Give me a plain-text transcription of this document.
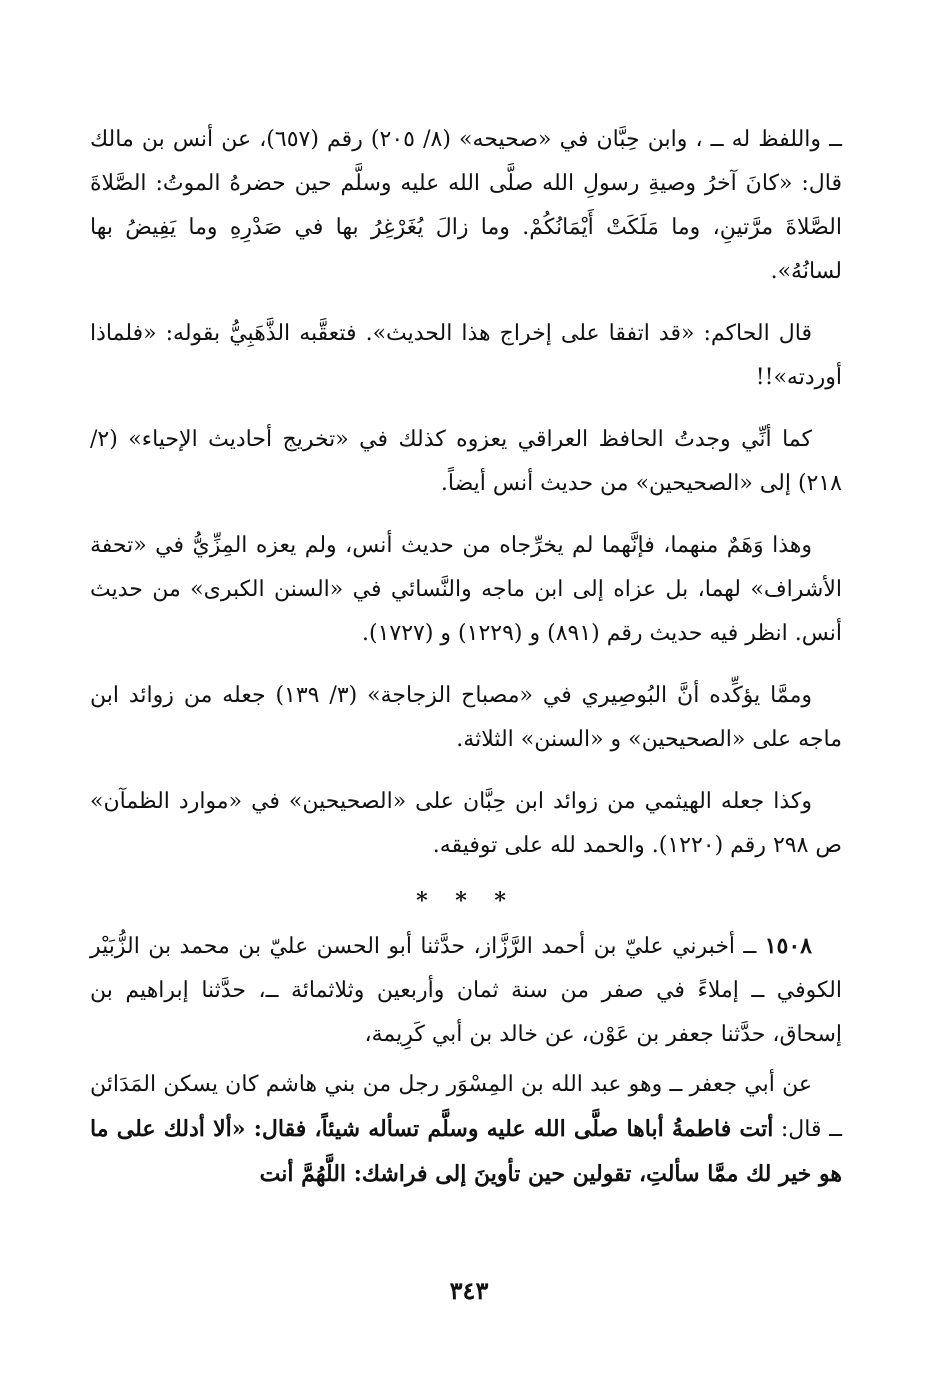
ــ واللفظ له ــ ، وابن حِبَّان في «صحيحه» (٨/ ٢٠٥) رقم (٦٥٧)، عن أنس بن مالك قال: «كانَ آخرُ وصيةِ رسولِ الله صلَّى الله عليه وسلَّم حين حضرهُ الموتُ: الصَّلاةَ الصَّلاةَ مرَّتينِ، وما مَلَكَتْ أَيْمَانُكُمْ. وما زالَ يُغَرْغِرُ بها في صَدْرِهِ وما يَفِيضُ بها لسانُهُ».

قال الحاكم: «قد اتفقا على إخراج هذا الحديث». فتعقَّبه الذَّهَبِيُّ بقوله: «فلماذا أوردته»!!

كما أنِّي وجدتُ الحافظ العراقي يعزوه كذلك في «تخريج أحاديث الإحياء» (٢/ ٢١٨) إلى «الصحيحين» من حديث أنس أيضاً.

وهذا وَهَمٌ منهما، فإنَّهما لم يخرِّجاه من حديث أنس، ولم يعزه المِزِّيُّ في «تحفة الأشراف» لهما، بل عزاه إلى ابن ماجه والنَّسائي في «السنن الكبرى» من حديث أنس. انظر فيه حديث رقم (٨٩١) و (١٢٢٩) و (١٧٢٧).

وممَّا يؤكِّده أنَّ البُوصِيري في «مصباح الزجاجة» (٣/ ١٣٩) جعله من زوائد ابن ماجه على «الصحيحين» و «السنن» الثلاثة.

وكذا جعله الهيثمي من زوائد ابن حِبَّان على «الصحيحين» في «موارد الظمآن» ص ٢٩٨ رقم (١٢٢٠). والحمد لله على توفيقه.

* * *

١٥٠٨ ــ أخبرني عليّ بن أحمد الرَّزَّاز، حدَّثنا أبو الحسن عليّ بن محمد بن الزُّبَيْر الكوفي ــ إملاءً في صفر من سنة ثمان وأربعين وثلاثمائة ــ، حدَّثنا إبراهيم بن إسحاق، حدَّثنا جعفر بن عَوْن، عن خالد بن أبي كَرِيمة،

عن أبي جعفر ــ وهو عبد الله بن المِسْوَر رجل من بني هاشم كان يسكن المَدَائن ــ قال: أتت فاطمةُ أباها صلَّى الله عليه وسلَّم تسأله شيئاً، فقال: «ألا أدلك على ما هو خير لك ممَّا سألتِ، تقولين حين تأوينَ إلى فراشك: اللَّهُمَّ أنت

٣٤٣
